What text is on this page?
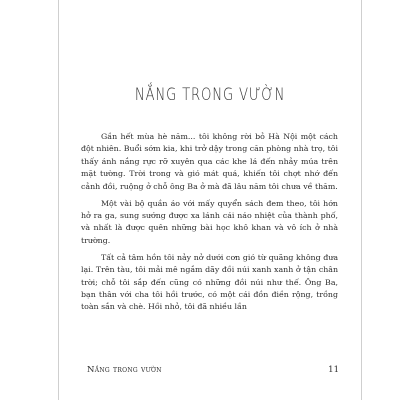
NẮNG TRONG VƯỜN

Gần hết mùa hè năm... tôi không rời bỏ Hà Nội một cách đột nhiên. Buổi sớm kia, khi trở dậy trong căn phòng nhà trọ, tôi thấy ánh nắng rực rỡ xuyên qua các khe lá đến nhảy múa trên mặt tường. Trời trong và gió mát quá, khiến tôi chợt nhớ đến cảnh đồi, ruộng ở chỗ ông Ba ở mà đã lâu năm tôi chưa về thăm.

Một vài bộ quần áo với mấy quyển sách đem theo, tôi hớn hở ra ga, sung sướng được xa lánh cái náo nhiệt của thành phố, và nhất là được quên những bài học khô khan và vô ích ở nhà trường.

Tất cả tâm hồn tôi nảy nở dưới cơn gió từ quãng không đưa lại. Trên tàu, tôi mải mê ngắm dãy đồi núi xanh xanh ở tận chân trời; chỗ tôi sắp đến cũng có những đồi núi như thế. Ông Ba, bạn thân với cha tôi hồi trước, có một cái đồn điền rộng, trồng toàn sắn và chè. Hồi nhỏ, tôi đã nhiều lần

Nắng trong vườn	11
